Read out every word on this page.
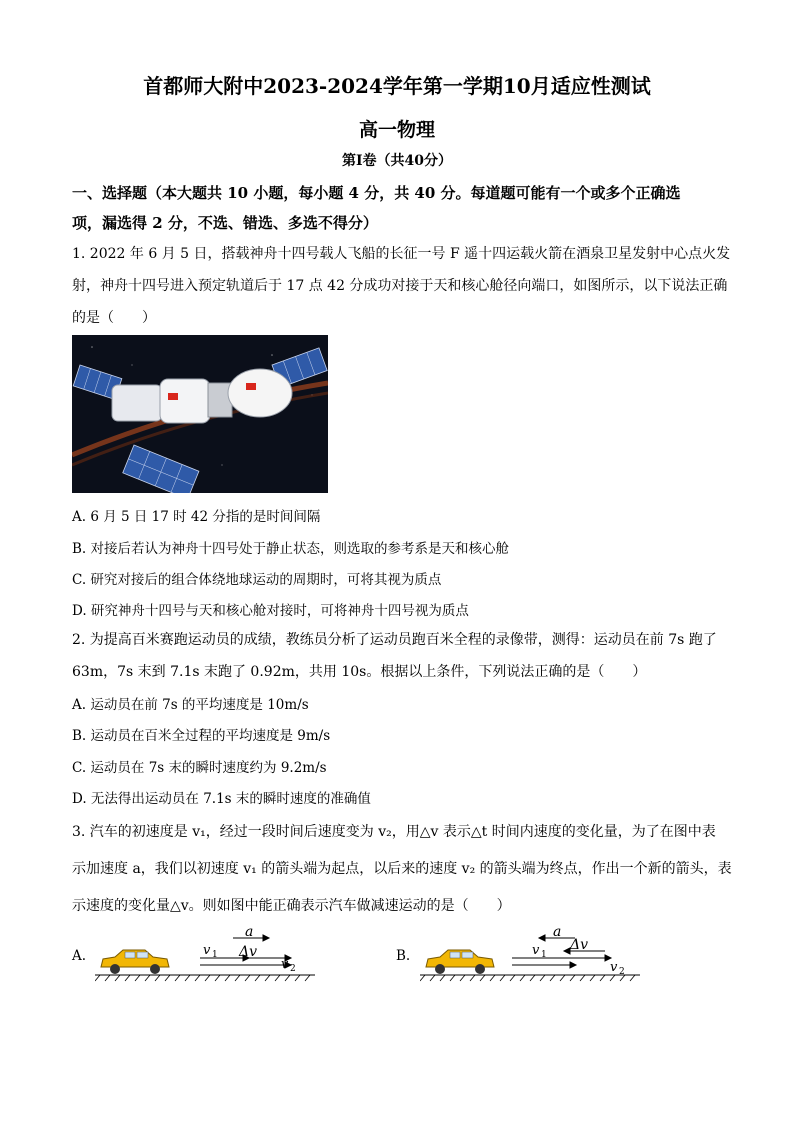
首都师大附中2023-2024学年第一学期10月适应性测试
高一物理
第Ⅰ卷（共40分）
一、选择题（本大题共 10 小题，每小题 4 分，共 40 分。每道题可能有一个或多个正确选
项，漏选得 2 分，不选、错选、多选不得分）
1. 2022 年 6 月 5 日，搭载神舟十四号载人飞船的长征一号 F 遥十四运载火箭在酒泉卫星发射中心点火发
射，神舟十四号进入预定轨道后于 17 点 42 分成功对接于天和核心舱径向端口，如图所示，以下说法正确
的是（　　）
A. 6 月 5 日 17 时 42 分指的是时间间隔
B. 对接后若认为神舟十四号处于静止状态，则选取的参考系是天和核心舱
C. 研究对接后的组合体绕地球运动的周期时，可将其视为质点
D. 研究神舟十四号与天和核心舱对接时，可将神舟十四号视为质点
2. 为提高百米赛跑运动员的成绩，教练员分析了运动员跑百米全程的录像带，测得：运动员在前 7s 跑了
63m，7s 末到 7.1s 末跑了 0.92m，共用 10s。根据以上条件，下列说法正确的是（　　）
A. 运动员在前 7s 的平均速度是 10m/s
B. 运动员在百米全过程的平均速度是 9m/s
C. 运动员在 7s 末的瞬时速度约为 9.2m/s
D. 无法得出运动员在 7.1s 末的瞬时速度的准确值
3. 汽车的初速度是 v₁，经过一段时间后速度变为 v₂，用△v 表示△t 时间内速度的变化量，为了在图中表
示加速度 a，我们以初速度 v₁ 的箭头端为起点，以后来的速度 v₂ 的箭头端为终点，作出一个新的箭头，表
示速度的变化量△v。则如图中能正确表示汽车做减速运动的是（　　）
A.
a
Δv
v 1
v 2
B.
a
Δv
v 1
v 2
